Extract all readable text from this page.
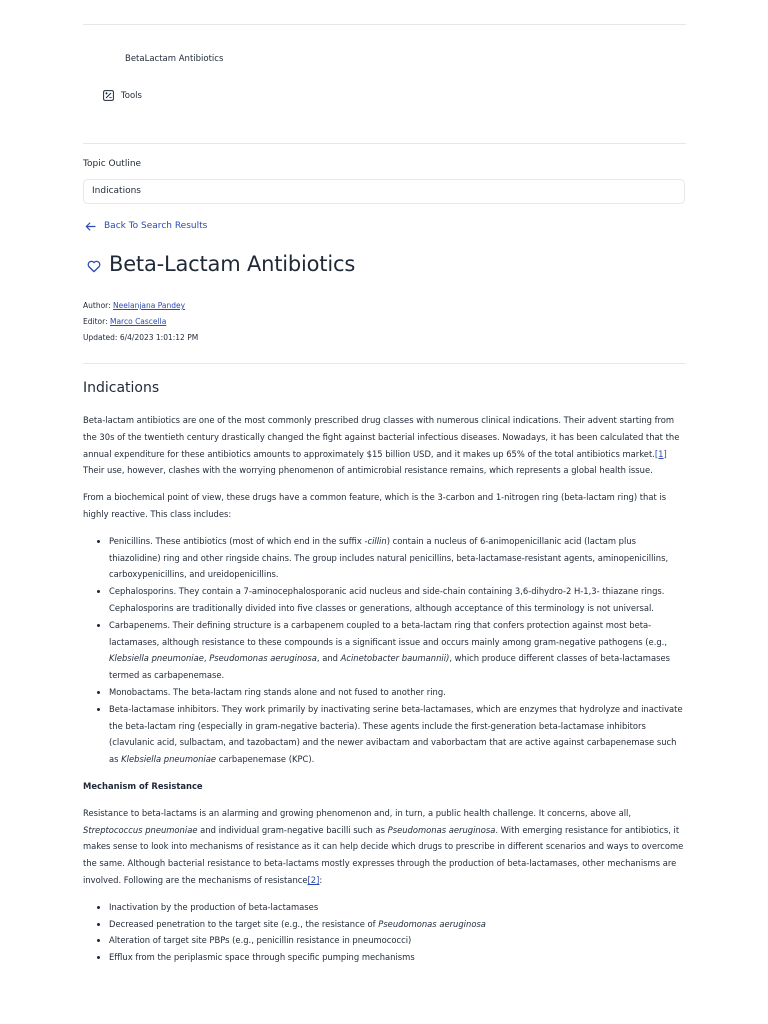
BetaLactam Antibiotics
Tools
Topic Outline
Indications
Back To Search Results
Beta-Lactam Antibiotics
Author: Neelanjana Pandey
Editor: Marco Cascella
Updated: 6/4/2023 1:01:12 PM
Indications

Beta-lactam antibiotics are one of the most commonly prescribed drug classes with numerous clinical indications. Their advent starting from the 30s of the twentieth century drastically changed the fight against bacterial infectious diseases. Nowadays, it has been calculated that the annual expenditure for these antibiotics amounts to approximately $15 billion USD, and it makes up 65% of the total antibiotics market.[1] Their use, however, clashes with the worrying phenomenon of antimicrobial resistance remains, which represents a global health issue.

From a biochemical point of view, these drugs have a common feature, which is the 3-carbon and 1-nitrogen ring (beta-lactam ring) that is highly reactive. This class includes:

• Penicillins. These antibiotics (most of which end in the suffix -cillin) contain a nucleus of 6-animopenicillanic acid (lactam plus thiazolidine) ring and other ringside chains. The group includes natural penicillins, beta-lactamase-resistant agents, aminopenicillins, carboxypenicillins, and ureidopenicillins.
• Cephalosporins. They contain a 7-aminocephalosporanic acid nucleus and side-chain containing 3,6-dihydro-2 H-1,3- thiazane rings. Cephalosporins are traditionally divided into five classes or generations, although acceptance of this terminology is not universal.
• Carbapenems. Their defining structure is a carbapenem coupled to a beta-lactam ring that confers protection against most beta-lactamases, although resistance to these compounds is a significant issue and occurs mainly among gram-negative pathogens (e.g., Klebsiella pneumoniae, Pseudomonas aeruginosa, and Acinetobacter baumannii), which produce different classes of beta-lactamases termed as carbapenemase.
• Monobactams. The beta-lactam ring stands alone and not fused to another ring.
• Beta-lactamase inhibitors. They work primarily by inactivating serine beta-lactamases, which are enzymes that hydrolyze and inactivate the beta-lactam ring (especially in gram-negative bacteria). These agents include the first-generation beta-lactamase inhibitors (clavulanic acid, sulbactam, and tazobactam) and the newer avibactam and vaborbactam that are active against carbapenemase such as Klebsiella pneumoniae carbapenemase (KPC).
Mechanism of Resistance

Resistance to beta-lactams is an alarming and growing phenomenon and, in turn, a public health challenge. It concerns, above all, Streptococcus pneumoniae and individual gram-negative bacilli such as Pseudomonas aeruginosa. With emerging resistance for antibiotics, it makes sense to look into mechanisms of resistance as it can help decide which drugs to prescribe in different scenarios and ways to overcome the same. Although bacterial resistance to beta-lactams mostly expresses through the production of beta-lactamases, other mechanisms are involved. Following are the mechanisms of resistance[2]:

• Inactivation by the production of beta-lactamases
• Decreased penetration to the target site (e.g., the resistance of Pseudomonas aeruginosa
• Alteration of target site PBPs (e.g., penicillin resistance in pneumococci)
• Efflux from the periplasmic space through specific pumping mechanisms
